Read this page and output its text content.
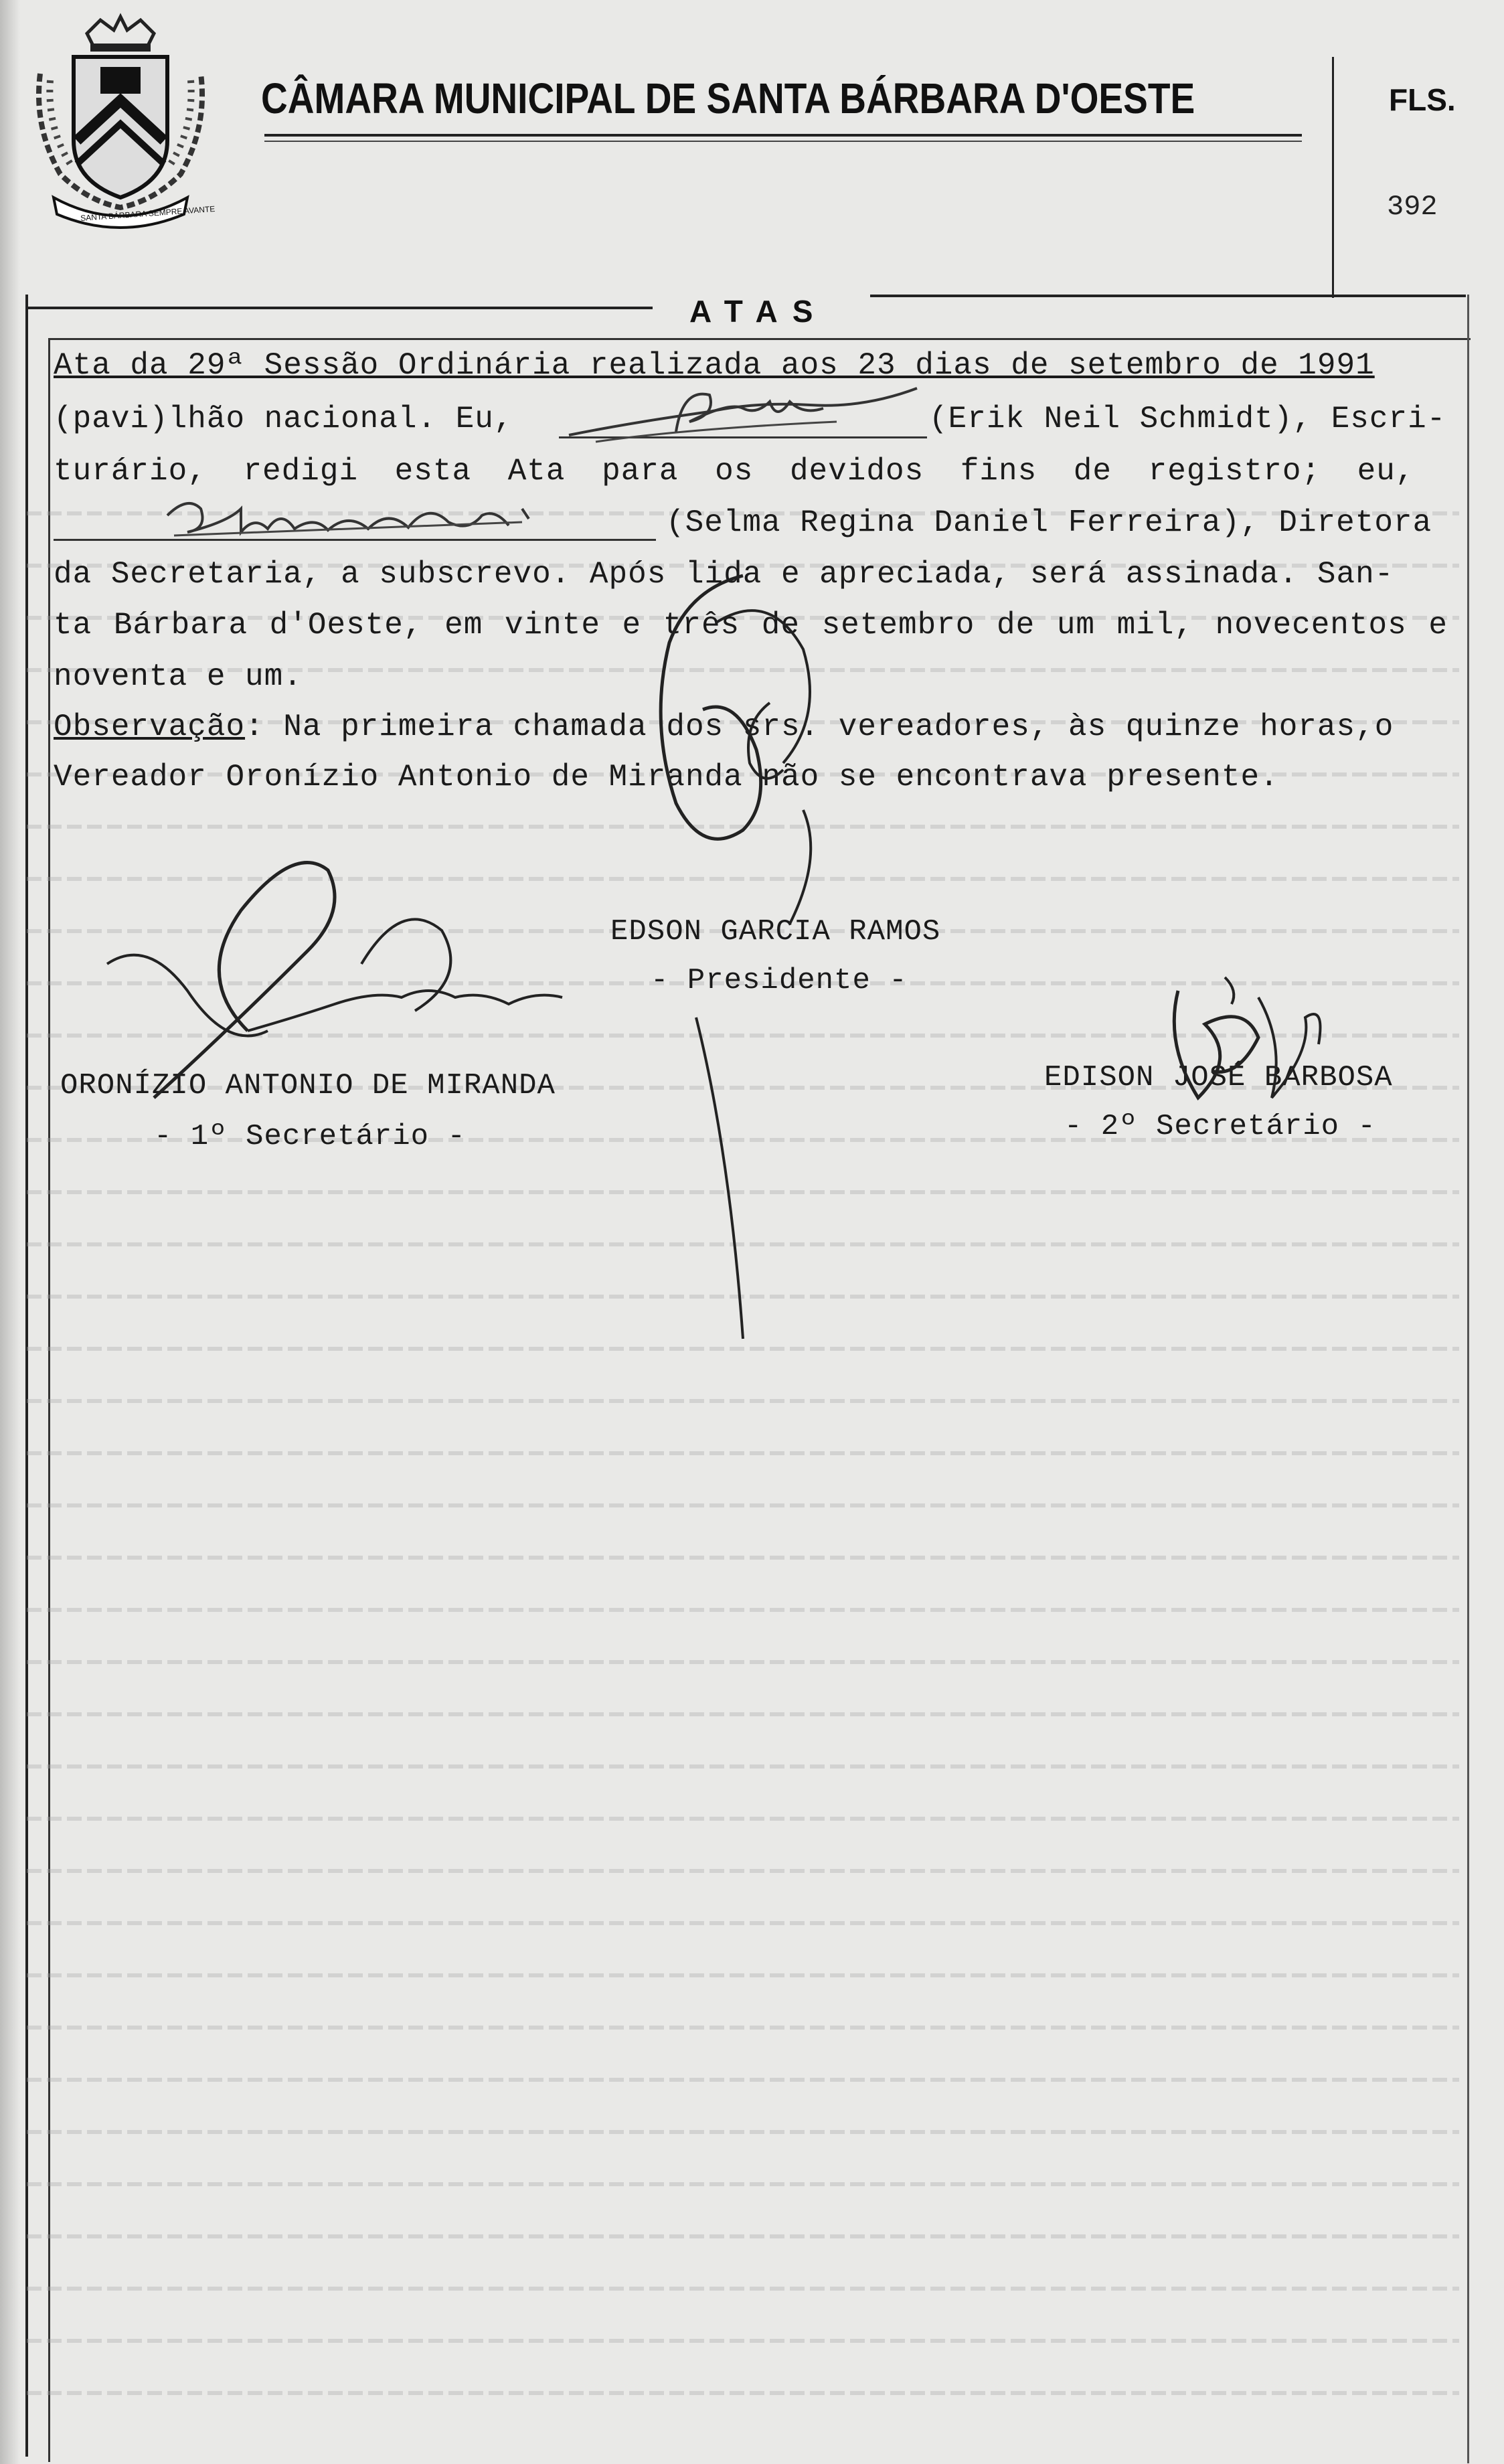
SANTA BÁRBARA SEMPRE AVANTE
CÂMARA MUNICIPAL DE SANTA BÁRBARA D'OESTE	FLS.
392
ATAS
Ata da 29ª Sessão Ordinária realizada aos 23 dias de setembro de 1991
(pavi)lhão nacional. Eu,	(Erik Neil Schmidt), Escri-
turário, redigi esta Ata para os devidos fins de registro; eu,
(Selma Regina Daniel Ferreira), Diretora
da Secretaria, a subscrevo. Após lida e apreciada, será assinada. San-
ta Bárbara d'Oeste, em vinte e três de setembro de um mil, novecentos e
noventa e um.
Observação: Na primeira chamada dos srs. vereadores, às quinze horas,o
Vereador Oronízio Antonio de Miranda não se encontrava presente.
EDSON GARCIA RAMOS
- Presidente -
ORONÍZIO ANTONIO DE MIRANDA
- 1º Secretário -
EDISON JOSÉ BARBOSA
- 2º Secretário -
